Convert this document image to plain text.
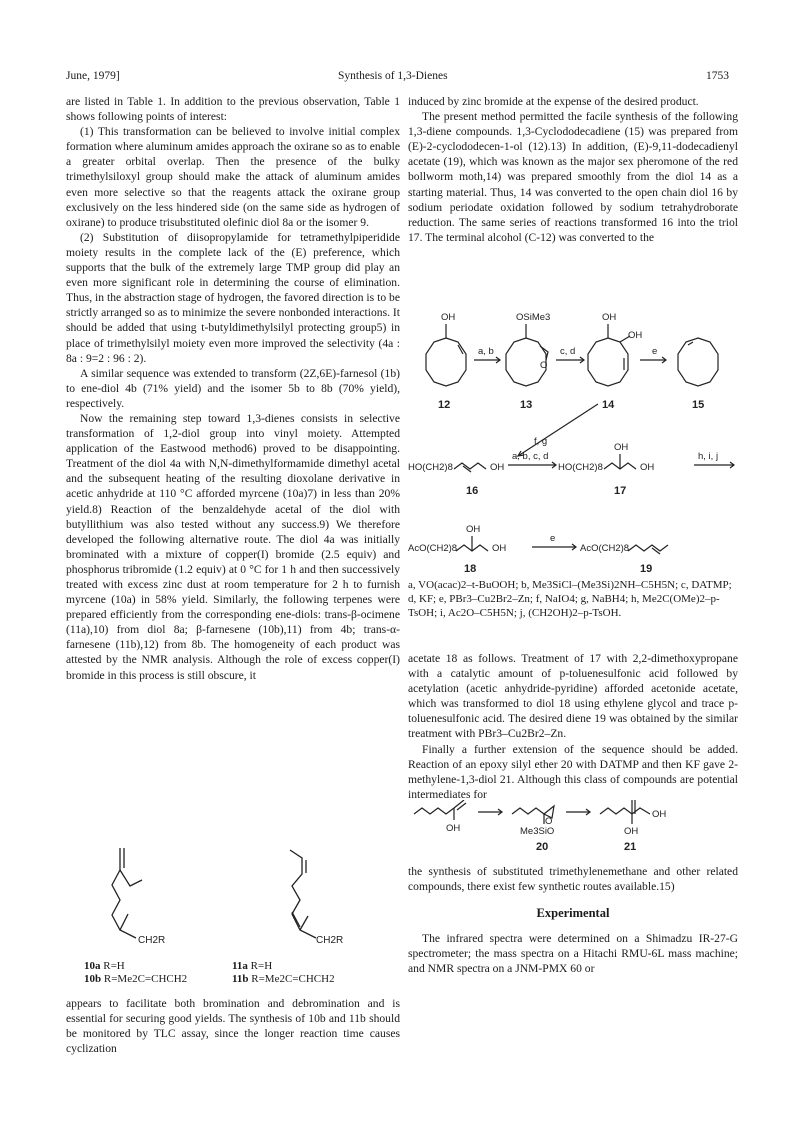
June, 1979]	Synthesis of 1,3-Dienes	1753

are listed in Table 1. In addition to the previous observation, Table 1 shows following points of interest:

(1) This transformation can be believed to involve initial complex formation where aluminum amides approach the oxirane so as to enable a greater orbital overlap. Then the presence of the bulky trimethylsiloxyl group should make the attack of aluminum amides even more selective so that the reagents attack the oxirane group exclusively on the less hindered side (on the same side as hydrogen of oxirane) to produce trisubstituted olefinic diol 8a or the isomer 9.

(2) Substitution of diisopropylamide for tetramethylpiperidide moiety results in the complete lack of the (E) preference, which supports that the bulk of the extremely large TMP group did play an even more significant role in determining the course of elimination. Thus, in the abstraction stage of hydrogen, the favored direction is to be strictly arranged so as to minimize the severe nonbonded interactions. It should be added that using t-butyldimethylsilyl protecting group5) in place of trimethylsilyl moiety even more improved the selectivity (4a : 8a : 9=2 : 96 : 2).

A similar sequence was extended to transform (2Z,6E)-farnesol (1b) to ene-diol 4b (71% yield) and the isomer 5b to 8b (70% yield), respectively.

Now the remaining step toward 1,3-dienes consists in selective transformation of 1,2-diol group into vinyl moiety. Attempted application of the Eastwood method6) proved to be disappointing. Treatment of the diol 4a with N,N-dimethylformamide dimethyl acetal and the subsequent heating of the resulting dioxolane derivative in acetic anhydride at 110 °C afforded myrcene (10a)7) in less than 20% yield.8) Reaction of the benzaldehyde acetal of the diol with butyllithium was also tested without any success.9) We therefore developed the following alternative route. The diol 4a was initially brominated with a mixture of copper(I) bromide (2.5 equiv) and phosphorus tribromide (1.2 equiv) at 0 °C for 1 h and then successively treated with excess zinc dust at room temperature for 2 h to furnish myrcene (10a) in 58% yield. Similarly, the following terpenes were prepared efficiently from the corresponding ene-diols: trans-β-ocimene (11a),10) from diol 8a; β-farnesene (10b),11) from 4b; trans-α-farnesene (11b),12) from 8b. The homogeneity of each product was attested by the NMR analysis. Although the role of excess copper(I) bromide in this process is still obscure, it

CH2R	CH2R
10a R=H
10b R=Me2C=CHCH2
11a R=H
11b R=Me2C=CHCH2

appears to facilitate both bromination and debromination and is essential for securing good yields. The synthesis of 10b and 11b should be monitored by TLC assay, since the longer reaction time causes cyclization

induced by zinc bromide at the expense of the desired product.

The present method permitted the facile synthesis of the following 1,3-diene compounds. 1,3-Cyclododecadiene (15) was prepared from (E)-2-cyclododecen-1-ol (12).13) In addition, (E)-9,11-dodecadienyl acetate (19), which was known as the major sex pheromone of the red bollworm moth,14) was prepared smoothly from the diol 14 as a starting material. Thus, 14 was converted to the open chain diol 16 by sodium periodate oxidation followed by sodium tetrahydroborate reduction. The same series of reactions transformed 16 into the triol 17. The terminal alcohol (C-12) was converted to the

OH	OSiMe3
O
OH
OH
a, b	c, d	e
f, g
HO(CH2)8	OH
a, b, c, d
HO(CH2)8
OH
OH
h, i, j
AcO(CH2)8
OH
OH
e
AcO(CH2)8
12	13	14	15
16	17
18	19
a, VO(acac)2–t-BuOOH; b, Me3SiCl–(Me3Si)2NH–C5H5N; c, DATMP; d, KF; e, PBr3–Cu2Br2–Zn; f, NaIO4; g, NaBH4; h, Me2C(OMe)2–p-TsOH; i, Ac2O–C5H5N; j, (CH2OH)2–p-TsOH.

acetate 18 as follows. Treatment of 17 with 2,2-dimethoxypropane with a catalytic amount of p-toluenesulfonic acid followed by acetylation (acetic anhydride-pyridine) afforded acetonide acetate, which was transformed to diol 18 using ethylene glycol and trace p-toluenesulfonic acid. The desired diene 19 was obtained by the similar treatment with PBr3–Cu2Br2–Zn.

Finally a further extension of the sequence should be added. Reaction of an epoxy silyl ether 20 with DATMP and then KF gave 2-methylene-1,3-diol 21. Although this class of compounds are potential intermediates for

OH
O
Me3SiO
OH
OH
20	21

the synthesis of substituted trimethylenemethane and other related compounds, there exist few synthetic routes available.15)

Experimental

The infrared spectra were determined on a Shimadzu IR-27-G spectrometer; the mass spectra on a Hitachi RMU-6L mass machine; and NMR spectra on a JNM-PMX 60 or
